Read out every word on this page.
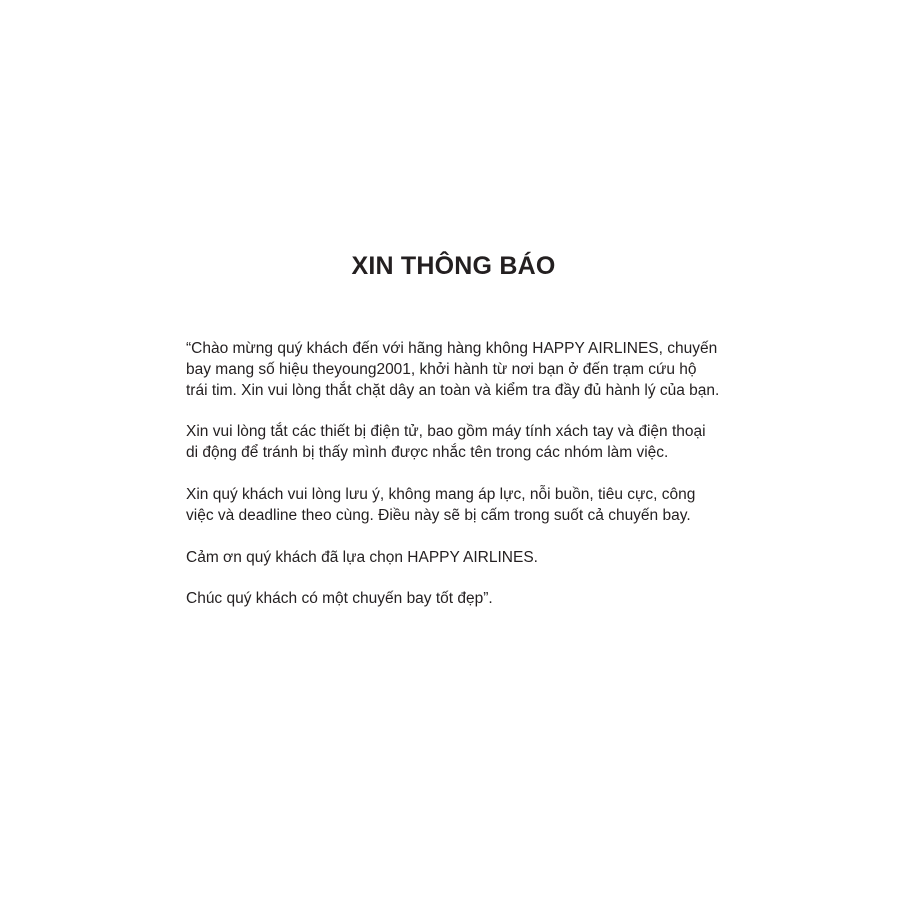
XIN THÔNG BÁO

“Chào mừng quý khách đến với hãng hàng không HAPPY AIRLINES, chuyến
bay mang số hiệu theyoung2001, khởi hành từ nơi bạn ở đến trạm cứu hộ
trái tim. Xin vui lòng thắt chặt dây an toàn và kiểm tra đầy đủ hành lý của bạn.

Xin vui lòng tắt các thiết bị điện tử, bao gồm máy tính xách tay và điện thoại
di động để tránh bị thấy mình được nhắc tên trong các nhóm làm việc.

Xin quý khách vui lòng lưu ý, không mang áp lực, nỗi buồn, tiêu cực, công
việc và deadline theo cùng. Điều này sẽ bị cấm trong suốt cả chuyến bay.

Cảm ơn quý khách đã lựa chọn HAPPY AIRLINES.

Chúc quý khách có một chuyến bay tốt đẹp”.
